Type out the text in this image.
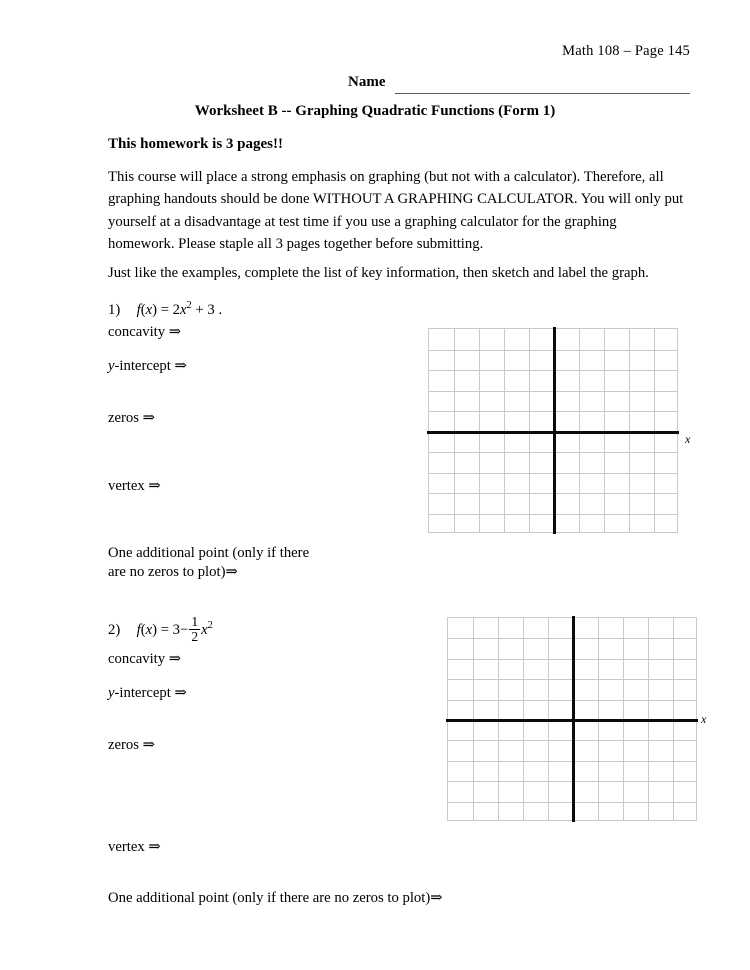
Math 108 – Page 145
Name
Worksheet B -- Graphing Quadratic Functions (Form 1)
This homework is 3 pages!!
This course will place a strong emphasis on graphing (but not with a calculator). Therefore, all graphing handouts should be done WITHOUT A GRAPHING CALCULATOR. You will only put yourself at a disadvantage at test time if you use a graphing calculator for the graphing homework. Please staple all 3 pages together before submitting.
Just like the examples, complete the list of key information, then sketch and label the graph.
1) $f(x) = 2x^2 + 3$ .
concavity ⇒
y-intercept ⇒
zeros ⇒
vertex ⇒
One additional point (only if there are no zeros to plot)⇒
x
2) $f(x) = 3- \frac{1}{2} x^2$
concavity ⇒
y-intercept ⇒
zeros ⇒
vertex ⇒
One additional point (only if there are no zeros to plot)⇒
x
